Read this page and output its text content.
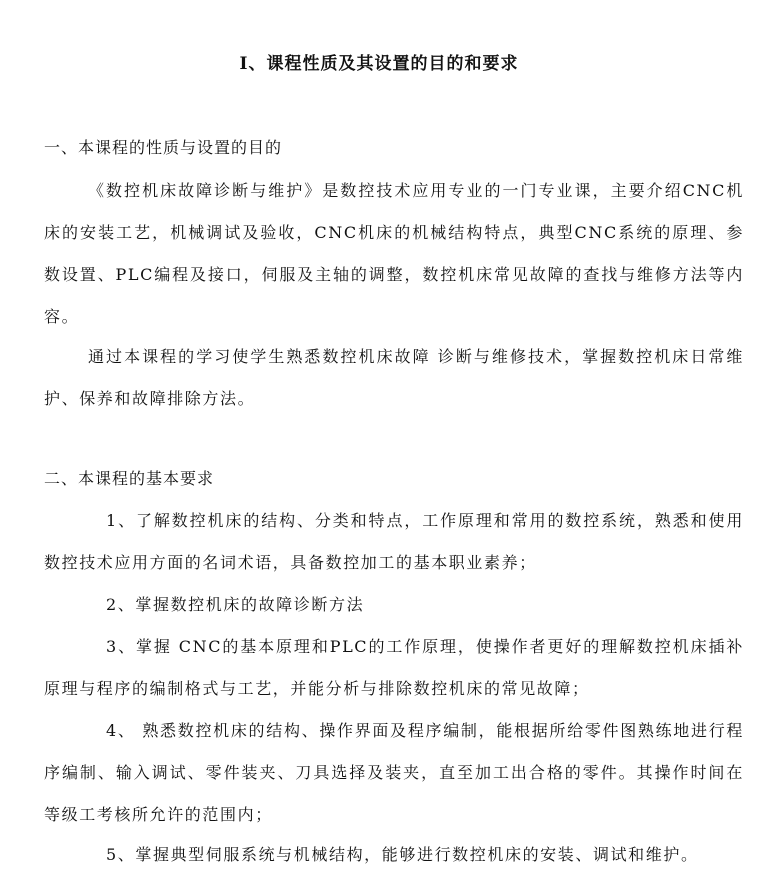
I、课程性质及其设置的目的和要求
一、本课程的性质与设置的目的
《数控机床故障诊断与维护》是数控技术应用专业的一门专业课，主要介绍CNC机床的安装工艺，机械调试及验收，CNC机床的机械结构特点，典型CNC系统的原理、参数设置、PLC编程及接口，伺服及主轴的调整，数控机床常见故障的查找与维修方法等内容。
通过本课程的学习使学生熟悉数控机床故障 诊断与维修技术，掌握数控机床日常维护、保养和故障排除方法。
二、本课程的基本要求
1、了解数控机床的结构、分类和特点，工作原理和常用的数控系统，熟悉和使用数控技术应用方面的名词术语，具备数控加工的基本职业素养；
2、掌握数控机床的故障诊断方法
3、掌握 CNC的基本原理和PLC的工作原理，使操作者更好的理解数控机床插补原理与程序的编制格式与工艺，并能分析与排除数控机床的常见故障；
4、 熟悉数控机床的结构、操作界面及程序编制，能根据所给零件图熟练地进行程序编制、输入调试、零件装夹、刀具选择及装夹，直至加工出合格的零件。其操作时间在等级工考核所允许的范围内；
5、掌握典型伺服系统与机械结构，能够进行数控机床的安装、调试和维护。
